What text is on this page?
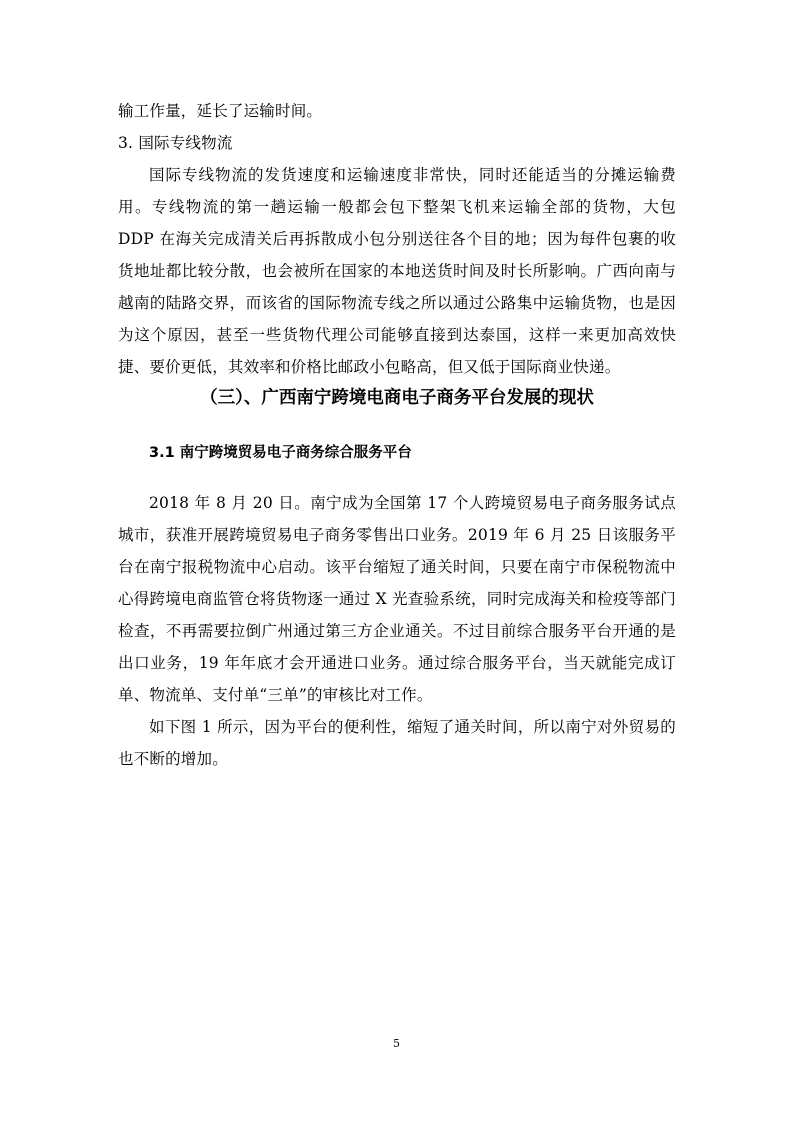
输工作量，延长了运输时间。

3. 国际专线物流

国际专线物流的发货速度和运输速度非常快，同时还能适当的分摊运输费用。专线物流的第一趟运输一般都会包下整架飞机来运输全部的货物，大包 DDP 在海关完成清关后再拆散成小包分别送往各个目的地；因为每件包裹的收货地址都比较分散，也会被所在国家的本地送货时间及时长所影响。广西向南与越南的陆路交界，而该省的国际物流专线之所以通过公路集中运输货物，也是因为这个原因，甚至一些货物代理公司能够直接到达泰国，这样一来更加高效快捷、要价更低，其效率和价格比邮政小包略高，但又低于国际商业快递。

（三）、广西南宁跨境电商电子商务平台发展的现状
3.1 南宁跨境贸易电子商务综合服务平台

2018 年 8 月 20 日。南宁成为全国第 17 个人跨境贸易电子商务服务试点城市，获准开展跨境贸易电子商务零售出口业务。2019 年 6 月 25 日该服务平台在南宁报税物流中心启动。该平台缩短了通关时间，只要在南宁市保税物流中心得跨境电商监管仓将货物逐一通过 X 光查验系统，同时完成海关和检疫等部门检查，不再需要拉倒广州通过第三方企业通关。不过目前综合服务平台开通的是出口业务，19 年年底才会开通进口业务。通过综合服务平台，当天就能完成订单、物流单、支付单“三单”的审核比对工作。

如下图 1 所示，因为平台的便利性，缩短了通关时间，所以南宁对外贸易的也不断的增加。

5
